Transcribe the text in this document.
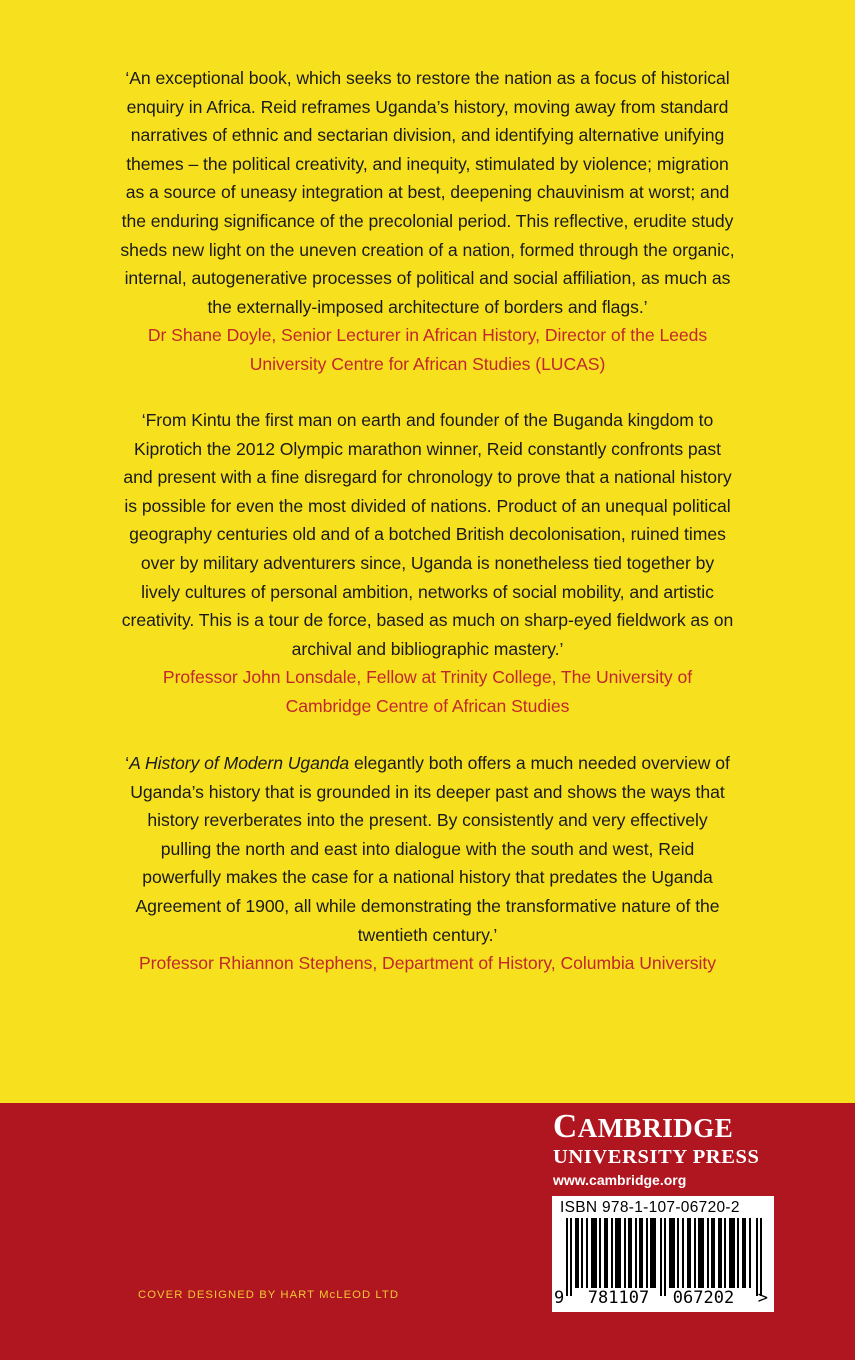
‘An exceptional book, which seeks to restore the nation as a focus of historical enquiry in Africa. Reid reframes Uganda’s history, moving away from standard narratives of ethnic and sectarian division, and identifying alternative unifying themes – the political creativity, and inequity, stimulated by violence; migration as a source of uneasy integration at best, deepening chauvinism at worst; and the enduring significance of the precolonial period. This reflective, erudite study sheds new light on the uneven creation of a nation, formed through the organic, internal, autogenerative processes of political and social affiliation, as much as the externally-imposed architecture of borders and flags.’
Dr Shane Doyle, Senior Lecturer in African History, Director of the Leeds University Centre for African Studies (LUCAS)
‘From Kintu the first man on earth and founder of the Buganda kingdom to Kiprotich the 2012 Olympic marathon winner, Reid constantly confronts past and present with a fine disregard for chronology to prove that a national history is possible for even the most divided of nations. Product of an unequal political geography centuries old and of a botched British decolonisation, ruined times over by military adventurers since, Uganda is nonetheless tied together by lively cultures of personal ambition, networks of social mobility, and artistic creativity. This is a tour de force, based as much on sharp-eyed fieldwork as on archival and bibliographic mastery.’
Professor John Lonsdale, Fellow at Trinity College, The University of Cambridge Centre of African Studies
‘A History of Modern Uganda elegantly both offers a much needed overview of Uganda’s history that is grounded in its deeper past and shows the ways that history reverberates into the present. By consistently and very effectively pulling the north and east into dialogue with the south and west, Reid powerfully makes the case for a national history that predates the Uganda Agreement of 1900, all while demonstrating the transformative nature of the twentieth century.’
Professor Rhiannon Stephens, Department of History, Columbia University
CAMBRIDGE
UNIVERSITY PRESS
www.cambridge.org
ISBN 978-1-107-06720-2
9 781107 067202 >
COVER DESIGNED BY HART McLEOD LTD
